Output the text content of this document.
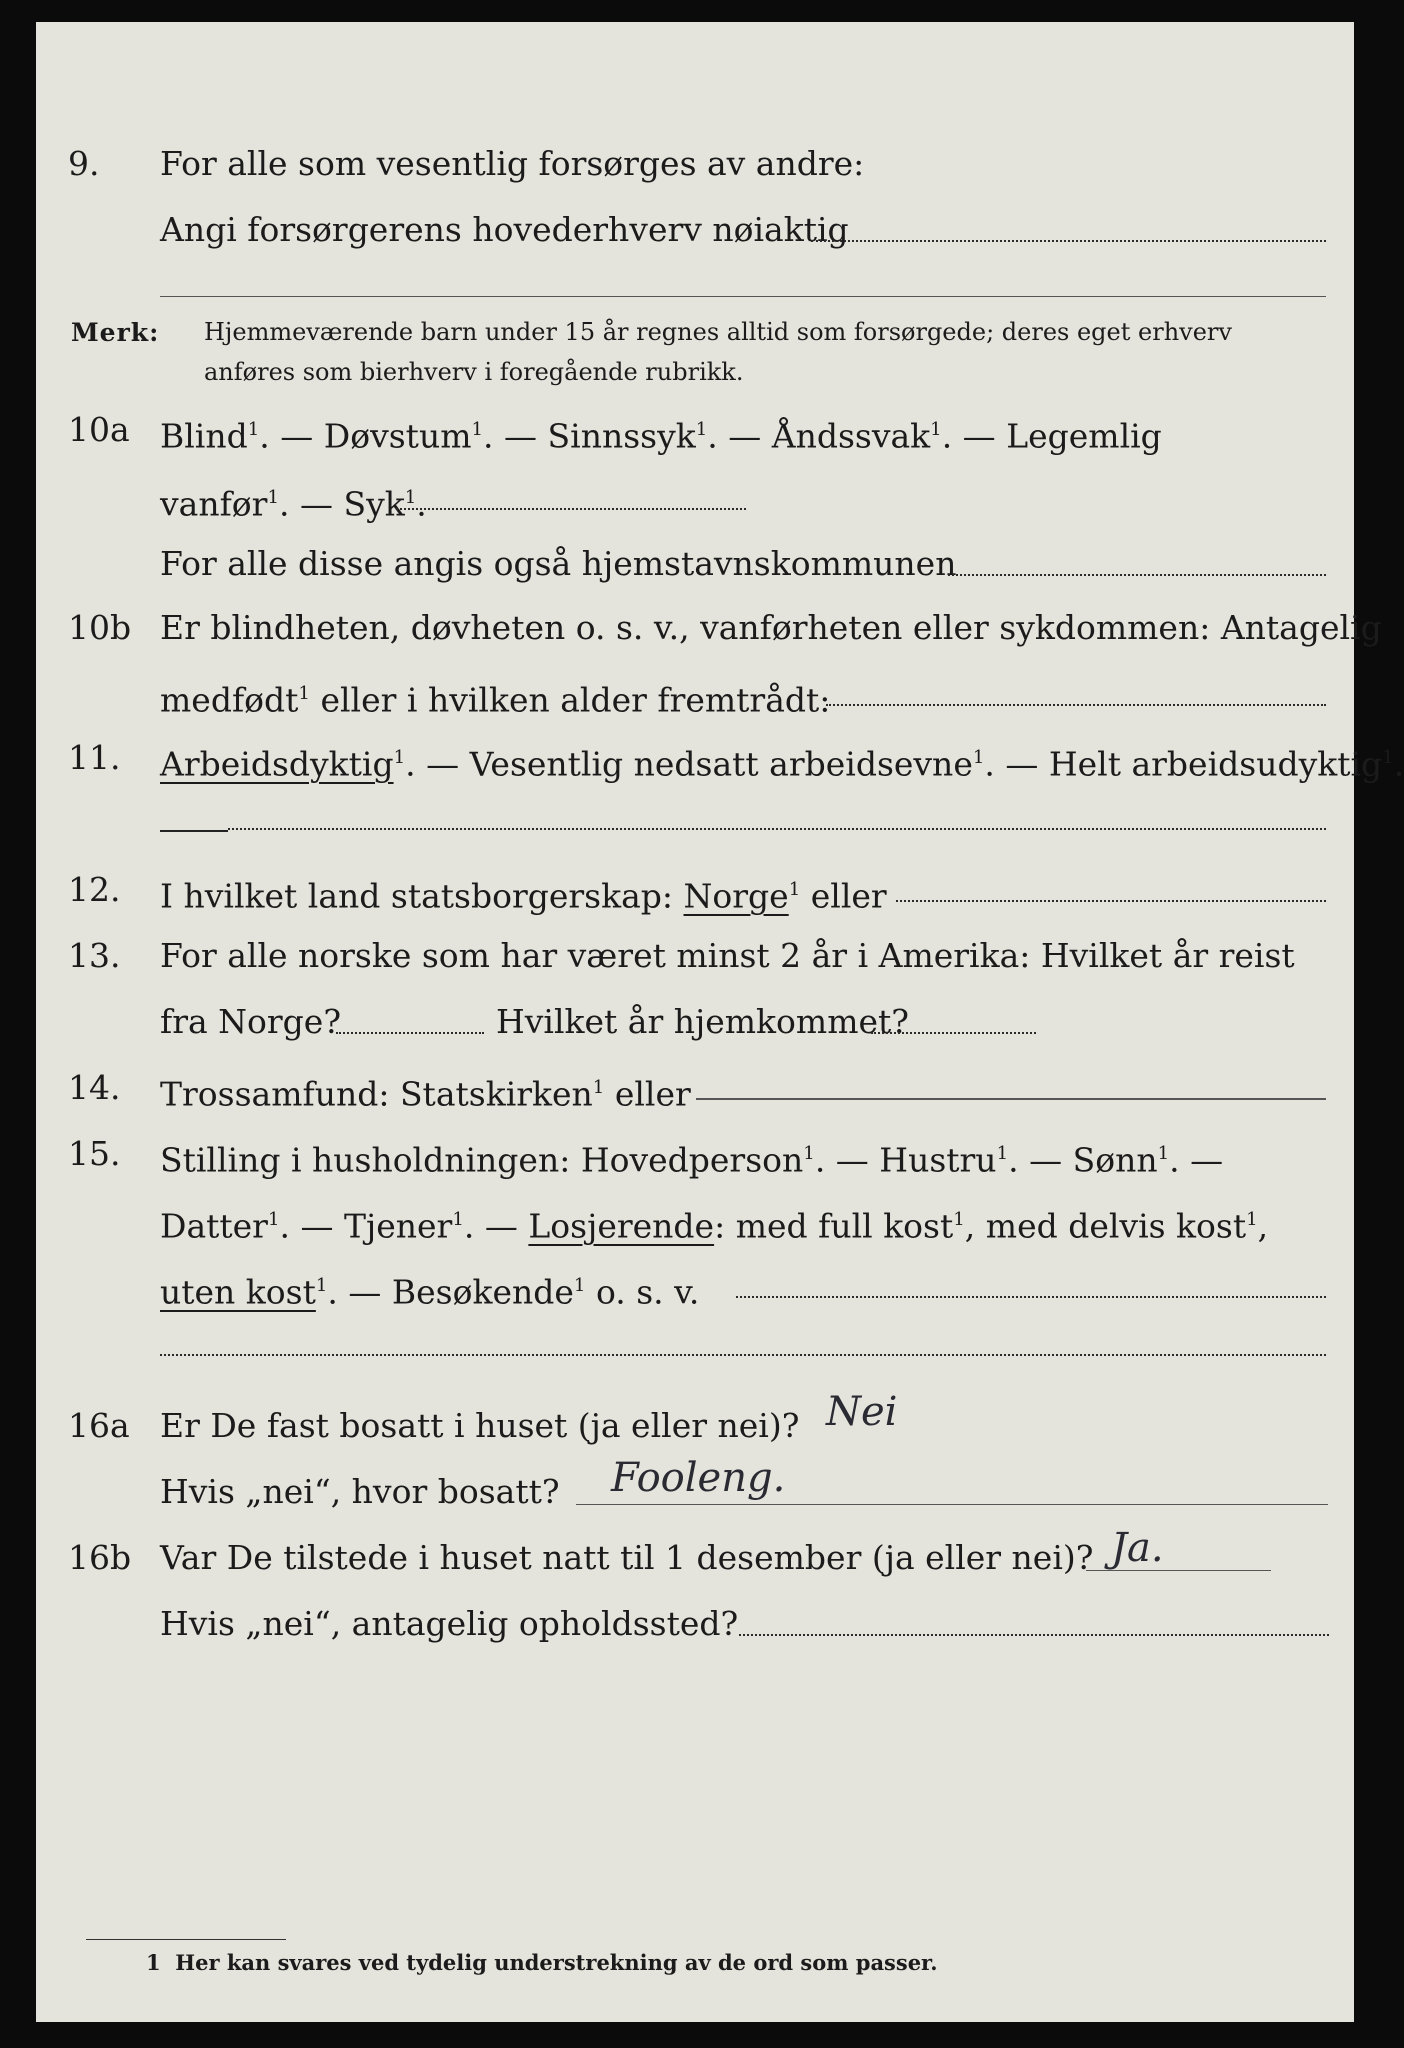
9. For alle som vesentlig forsørges av andre:
Angi forsørgerens hovederhverv nøiaktig
Merk: Hjemmeværende barn under 15 år regnes alltid som forsørgede; deres eget erhverv
anføres som bierhverv i foregående rubrikk.
10a Blind$^1$. — Døvstum$^1$. — Sinnssyk$^1$. — Åndssvak$^1$. — Legemlig
vanfør$^1$. — Syk$^1$.
For alle disse angis også hjemstavnskommunen
10b Er blindheten, døvheten o. s. v., vanførheten eller sykdommen: Antagelig
medfødt$^1$ eller i hvilken alder fremtrådt:
11. Arbeidsdyktig$^1$. — Vesentlig nedsatt arbeidsevne$^1$. — Helt arbeidsudyktig$^1$.
12. I hvilket land statsborgerskap: Norge$^1$ eller
13. For alle norske som har været minst 2 år i Amerika: Hvilket år reist
fra Norge?	Hvilket år hjemkommet?
14. Trossamfund: Statskirken$^1$ eller
15. Stilling i husholdningen: Hovedperson$^1$. — Hustru$^1$. — Sønn$^1$. —
Datter$^1$. — Tjener$^1$. — Losjerende: med full kost$^1$, med delvis kost$^1$,
uten kost$^1$. — Besøkende$^1$ o. s. v.
16a Er De fast bosatt i huset (ja eller nei)? Nei
Hvis „nei“, hvor bosatt? Fooleng.
16b Var De tilstede i huset natt til 1 desember (ja eller nei)? Ja.
Hvis „nei“, antagelig opholdssted?
1 Her kan svares ved tydelig understrekning av de ord som passer.
